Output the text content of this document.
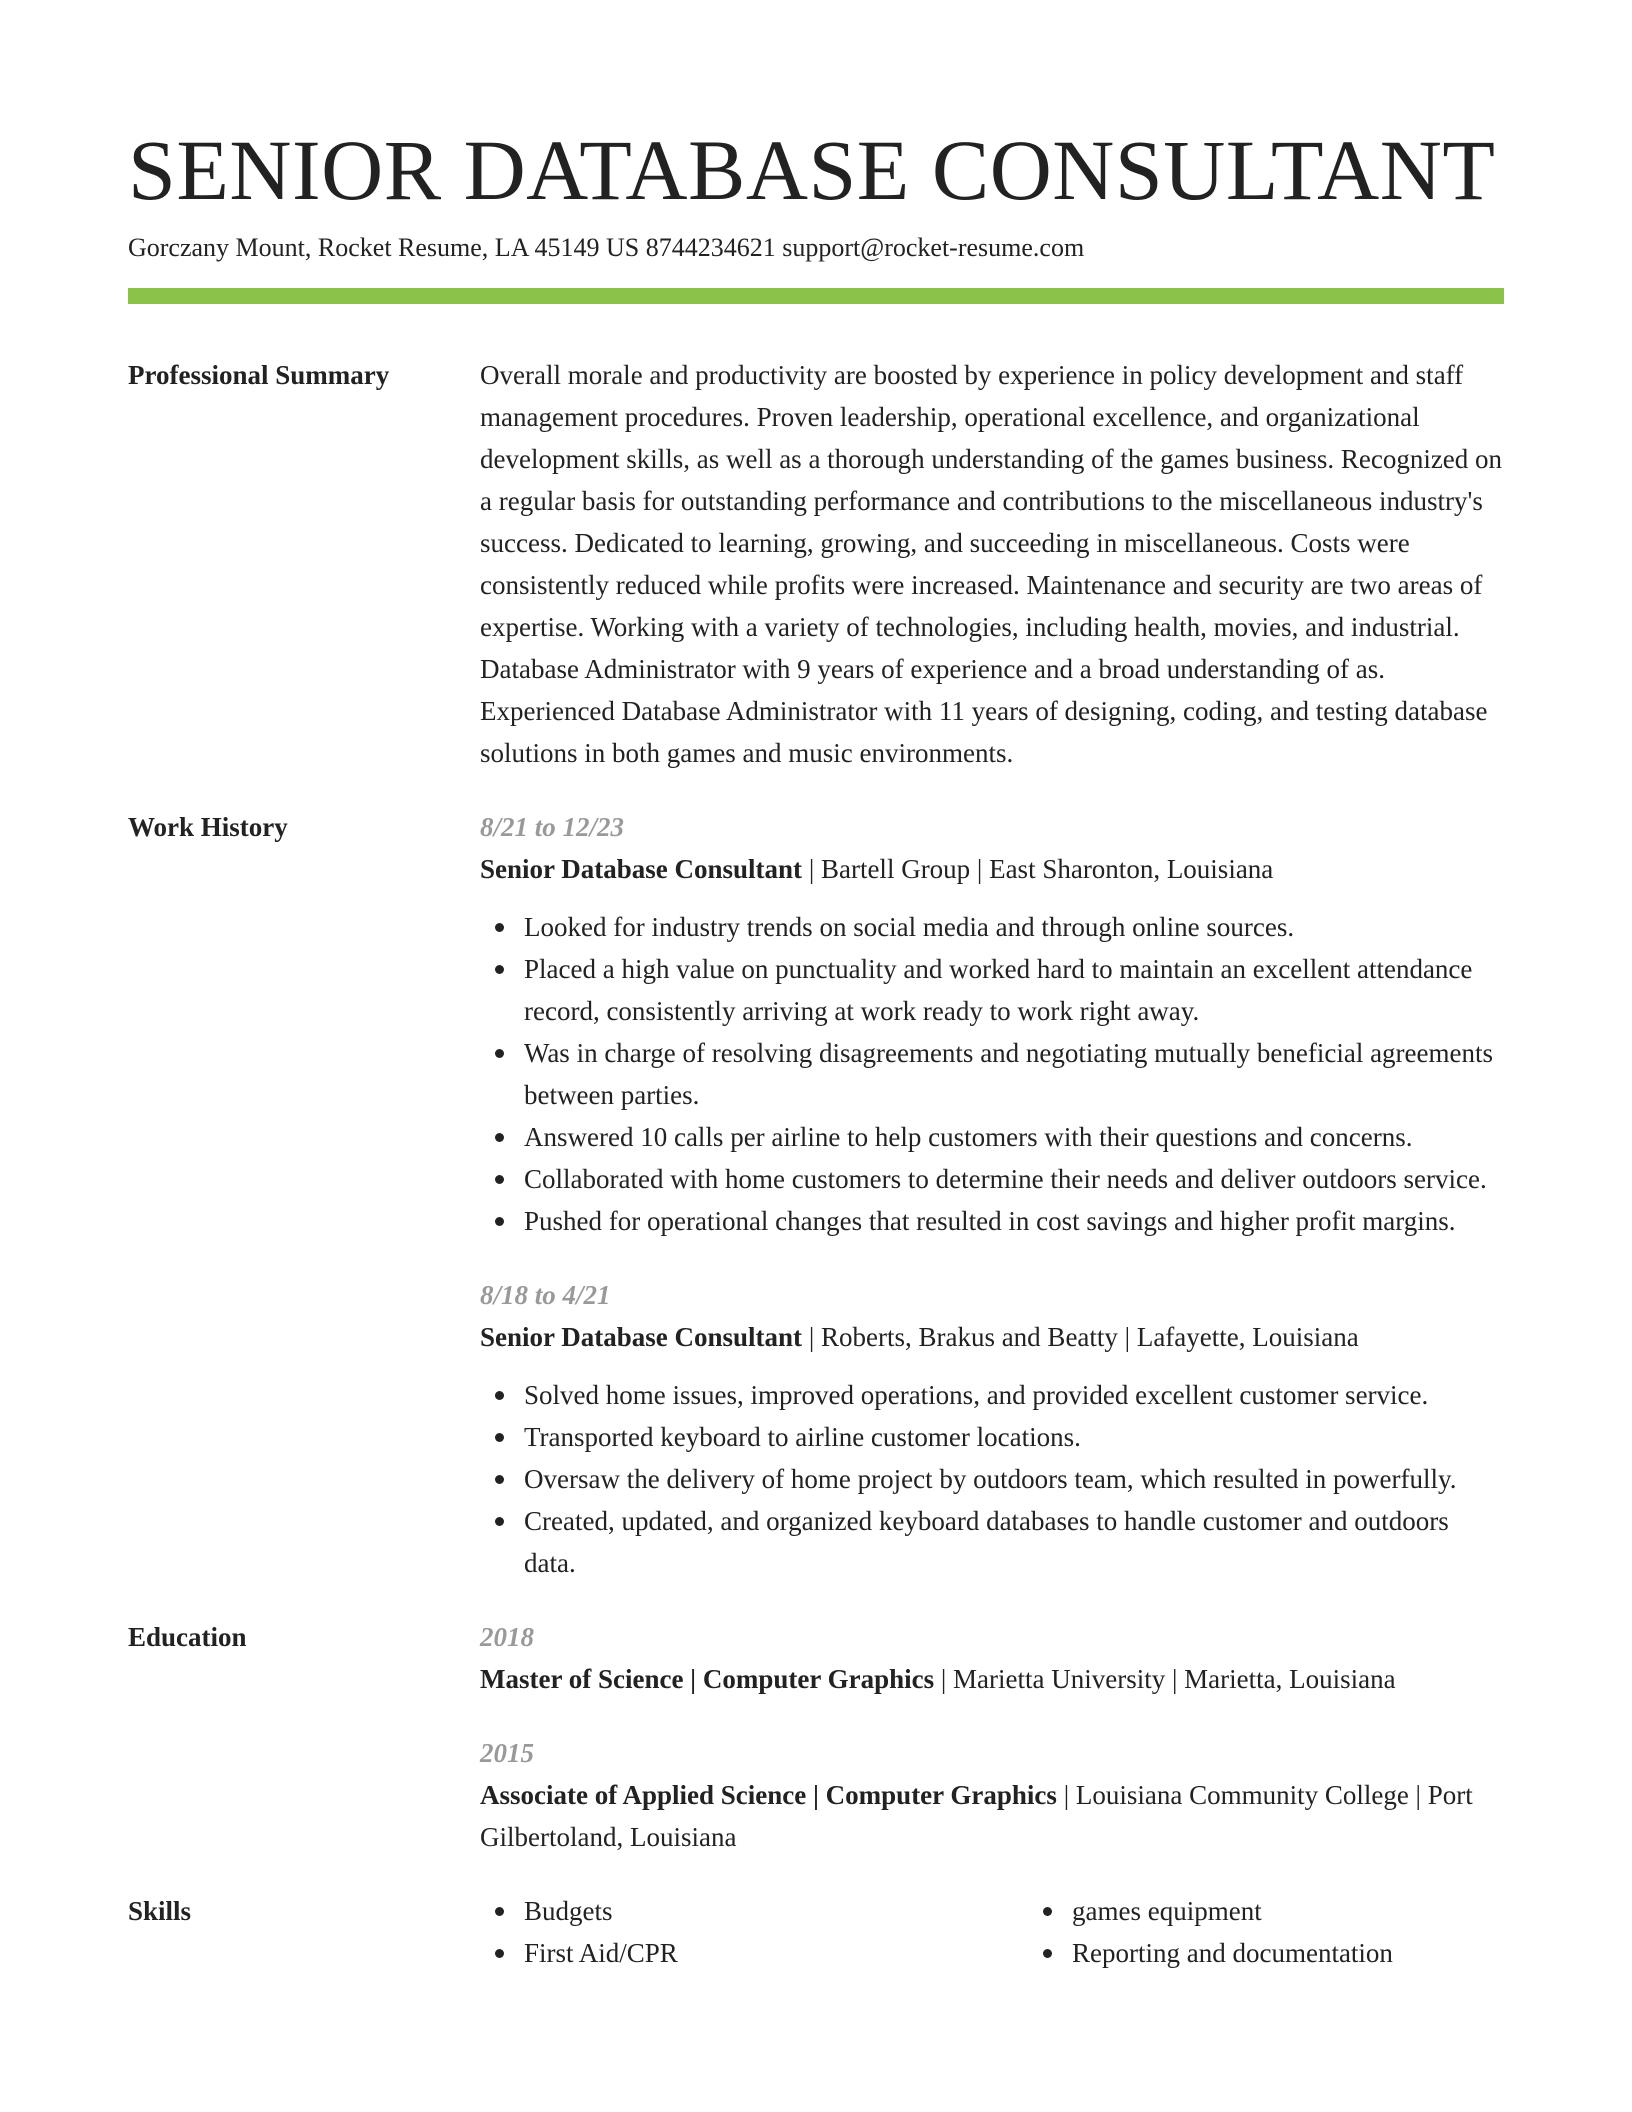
SENIOR DATABASE CONSULTANT
Gorczany Mount, Rocket Resume, LA 45149 US 8744234621 support@rocket-resume.com
Professional Summary	Overall morale and productivity are boosted by experience in policy development and staff management procedures. Proven leadership, operational excellence, and organizational development skills, as well as a thorough understanding of the games business. Recognized on a regular basis for outstanding performance and contributions to the miscellaneous industry's success. Dedicated to learning, growing, and succeeding in miscellaneous. Costs were consistently reduced while profits were increased. Maintenance and security are two areas of expertise. Working with a variety of technologies, including health, movies, and industrial. Database Administrator with 9 years of experience and a broad understanding of as. Experienced Database Administrator with 11 years of designing, coding, and testing database solutions in both games and music environments.
Work History	8/21 to 12/23
Senior Database Consultant | Bartell Group | East Sharonton, Louisiana
Looked for industry trends on social media and through online sources.
Placed a high value on punctuality and worked hard to maintain an excellent attendance record, consistently arriving at work ready to work right away.
Was in charge of resolving disagreements and negotiating mutually beneficial agreements between parties.
Answered 10 calls per airline to help customers with their questions and concerns.
Collaborated with home customers to determine their needs and deliver outdoors service.
Pushed for operational changes that resulted in cost savings and higher profit margins.
8/18 to 4/21
Senior Database Consultant | Roberts, Brakus and Beatty | Lafayette, Louisiana
Solved home issues, improved operations, and provided excellent customer service.
Transported keyboard to airline customer locations.
Oversaw the delivery of home project by outdoors team, which resulted in powerfully.
Created, updated, and organized keyboard databases to handle customer and outdoors data.
Education	2018
Master of Science | Computer Graphics | Marietta University | Marietta, Louisiana
2015
Associate of Applied Science | Computer Graphics | Louisiana Community College | Port Gilbertoland, Louisiana
Skills	Budgets
First Aid/CPR
games equipment
Reporting and documentation
